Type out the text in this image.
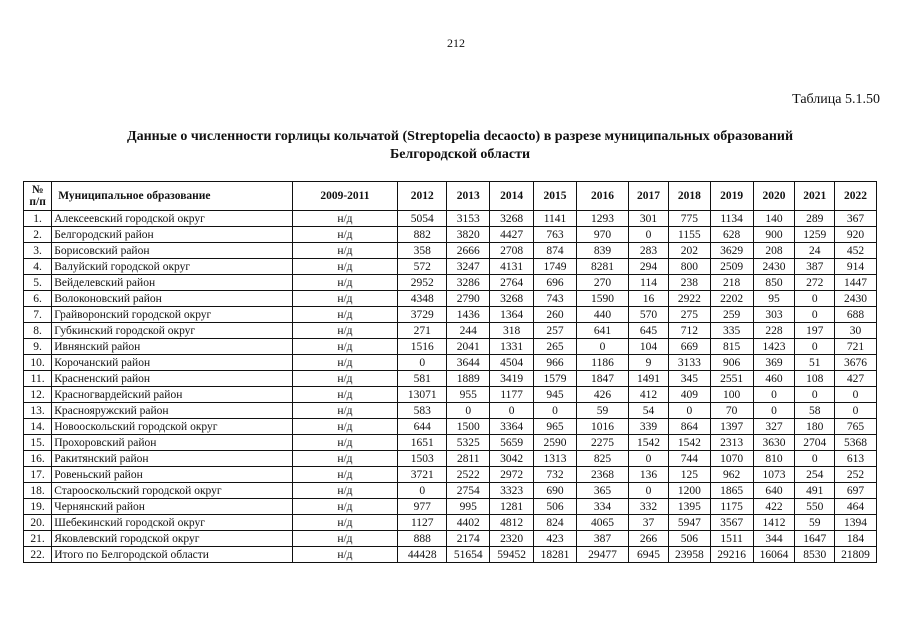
212
Таблица 5.1.50
Данные о численности горлицы кольчатой (Streptopelia decaocto) в разрезе муниципальных образований
Белгородской области
№ п/п	Муниципальное образование	2009-2011	2012	2013	2014	2015	2016	2017	2018	2019	2020	2021	2022
1.	Алексеевский городской округ	н/д	5054	3153	3268	1141	1293	301	775	1134	140	289	367
2.	Белгородский район	н/д	882	3820	4427	763	970	0	1155	628	900	1259	920
3.	Борисовский район	н/д	358	2666	2708	874	839	283	202	3629	208	24	452
4.	Валуйский городской округ	н/д	572	3247	4131	1749	8281	294	800	2509	2430	387	914
5.	Вейделевский район	н/д	2952	3286	2764	696	270	114	238	218	850	272	1447
6.	Волоконовский район	н/д	4348	2790	3268	743	1590	16	2922	2202	95	0	2430
7.	Грайворонский городской округ	н/д	3729	1436	1364	260	440	570	275	259	303	0	688
8.	Губкинский городской округ	н/д	271	244	318	257	641	645	712	335	228	197	30
9.	Ивнянский район	н/д	1516	2041	1331	265	0	104	669	815	1423	0	721
10.	Корочанский район	н/д	0	3644	4504	966	1186	9	3133	906	369	51	3676
11.	Красненский район	н/д	581	1889	3419	1579	1847	1491	345	2551	460	108	427
12.	Красногвардейский район	н/д	13071	955	1177	945	426	412	409	100	0	0	0
13.	Краснояружский район	н/д	583	0	0	0	59	54	0	70	0	58	0
14.	Новооскольский городской округ	н/д	644	1500	3364	965	1016	339	864	1397	327	180	765
15.	Прохоровский район	н/д	1651	5325	5659	2590	2275	1542	1542	2313	3630	2704	5368
16.	Ракитянский район	н/д	1503	2811	3042	1313	825	0	744	1070	810	0	613
17.	Ровеньский район	н/д	3721	2522	2972	732	2368	136	125	962	1073	254	252
18.	Старооскольский городской округ	н/д	0	2754	3323	690	365	0	1200	1865	640	491	697
19.	Чернянский район	н/д	977	995	1281	506	334	332	1395	1175	422	550	464
20.	Шебекинский городской округ	н/д	1127	4402	4812	824	4065	37	5947	3567	1412	59	1394
21.	Яковлевский городской округ	н/д	888	2174	2320	423	387	266	506	1511	344	1647	184
22.	Итого по Белгородской области	н/д	44428	51654	59452	18281	29477	6945	23958	29216	16064	8530	21809
